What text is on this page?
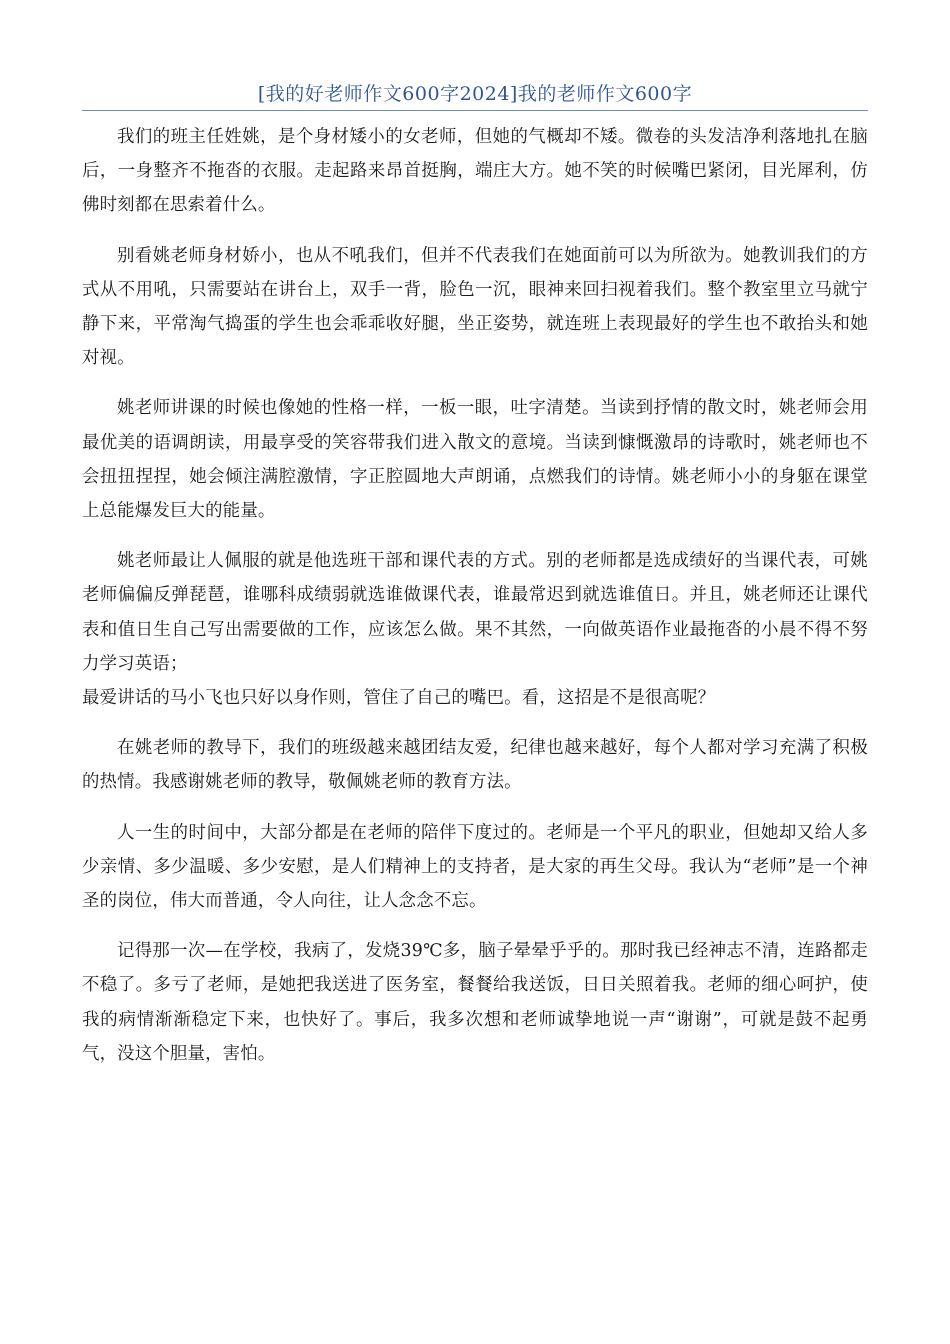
[我的好老师作文600字2024]我的老师作文600字

我们的班主任姓姚，是个身材矮小的女老师，但她的气概却不矮。微卷的头发洁净利落地扎在脑后，一身整齐不拖沓的衣服。走起路来昂首挺胸，端庄大方。她不笑的时候嘴巴紧闭，目光犀利，仿佛时刻都在思索着什么。

别看姚老师身材娇小，也从不吼我们，但并不代表我们在她面前可以为所欲为。她教训我们的方式从不用吼，只需要站在讲台上，双手一背，脸色一沉，眼神来回扫视着我们。整个教室里立马就宁静下来，平常淘气捣蛋的学生也会乖乖收好腿，坐正姿势，就连班上表现最好的学生也不敢抬头和她对视。

姚老师讲课的时候也像她的性格一样，一板一眼，吐字清楚。当读到抒情的散文时，姚老师会用最优美的语调朗读，用最享受的笑容带我们进入散文的意境。当读到慷慨激昂的诗歌时，姚老师也不会扭扭捏捏，她会倾注满腔激情，字正腔圆地大声朗诵，点燃我们的诗情。姚老师小小的身躯在课堂上总能爆发巨大的能量。

姚老师最让人佩服的就是他选班干部和课代表的方式。别的老师都是选成绩好的当课代表，可姚老师偏偏反弹琵琶，谁哪科成绩弱就选谁做课代表，谁最常迟到就选谁值日。并且，姚老师还让课代表和值日生自己写出需要做的工作，应该怎么做。果不其然，一向做英语作业最拖沓的小晨不得不努力学习英语；

最爱讲话的马小飞也只好以身作则，管住了自己的嘴巴。看，这招是不是很高呢？

在姚老师的教导下，我们的班级越来越团结友爱，纪律也越来越好，每个人都对学习充满了积极的热情。我感谢姚老师的教导，敬佩姚老师的教育方法。

人一生的时间中，大部分都是在老师的陪伴下度过的。老师是一个平凡的职业，但她却又给人多少亲情、多少温暖、多少安慰，是人们精神上的支持者，是大家的再生父母。我认为“老师”是一个神圣的岗位，伟大而普通，令人向往，让人念念不忘。

记得那一次—在学校，我病了，发烧39℃多，脑子晕晕乎乎的。那时我已经神志不清，连路都走不稳了。多亏了老师，是她把我送进了医务室，餐餐给我送饭，日日关照着我。老师的细心呵护，使我的病情渐渐稳定下来，也快好了。事后，我多次想和老师诚挚地说一声“谢谢”，可就是鼓不起勇气，没这个胆量，害怕。
